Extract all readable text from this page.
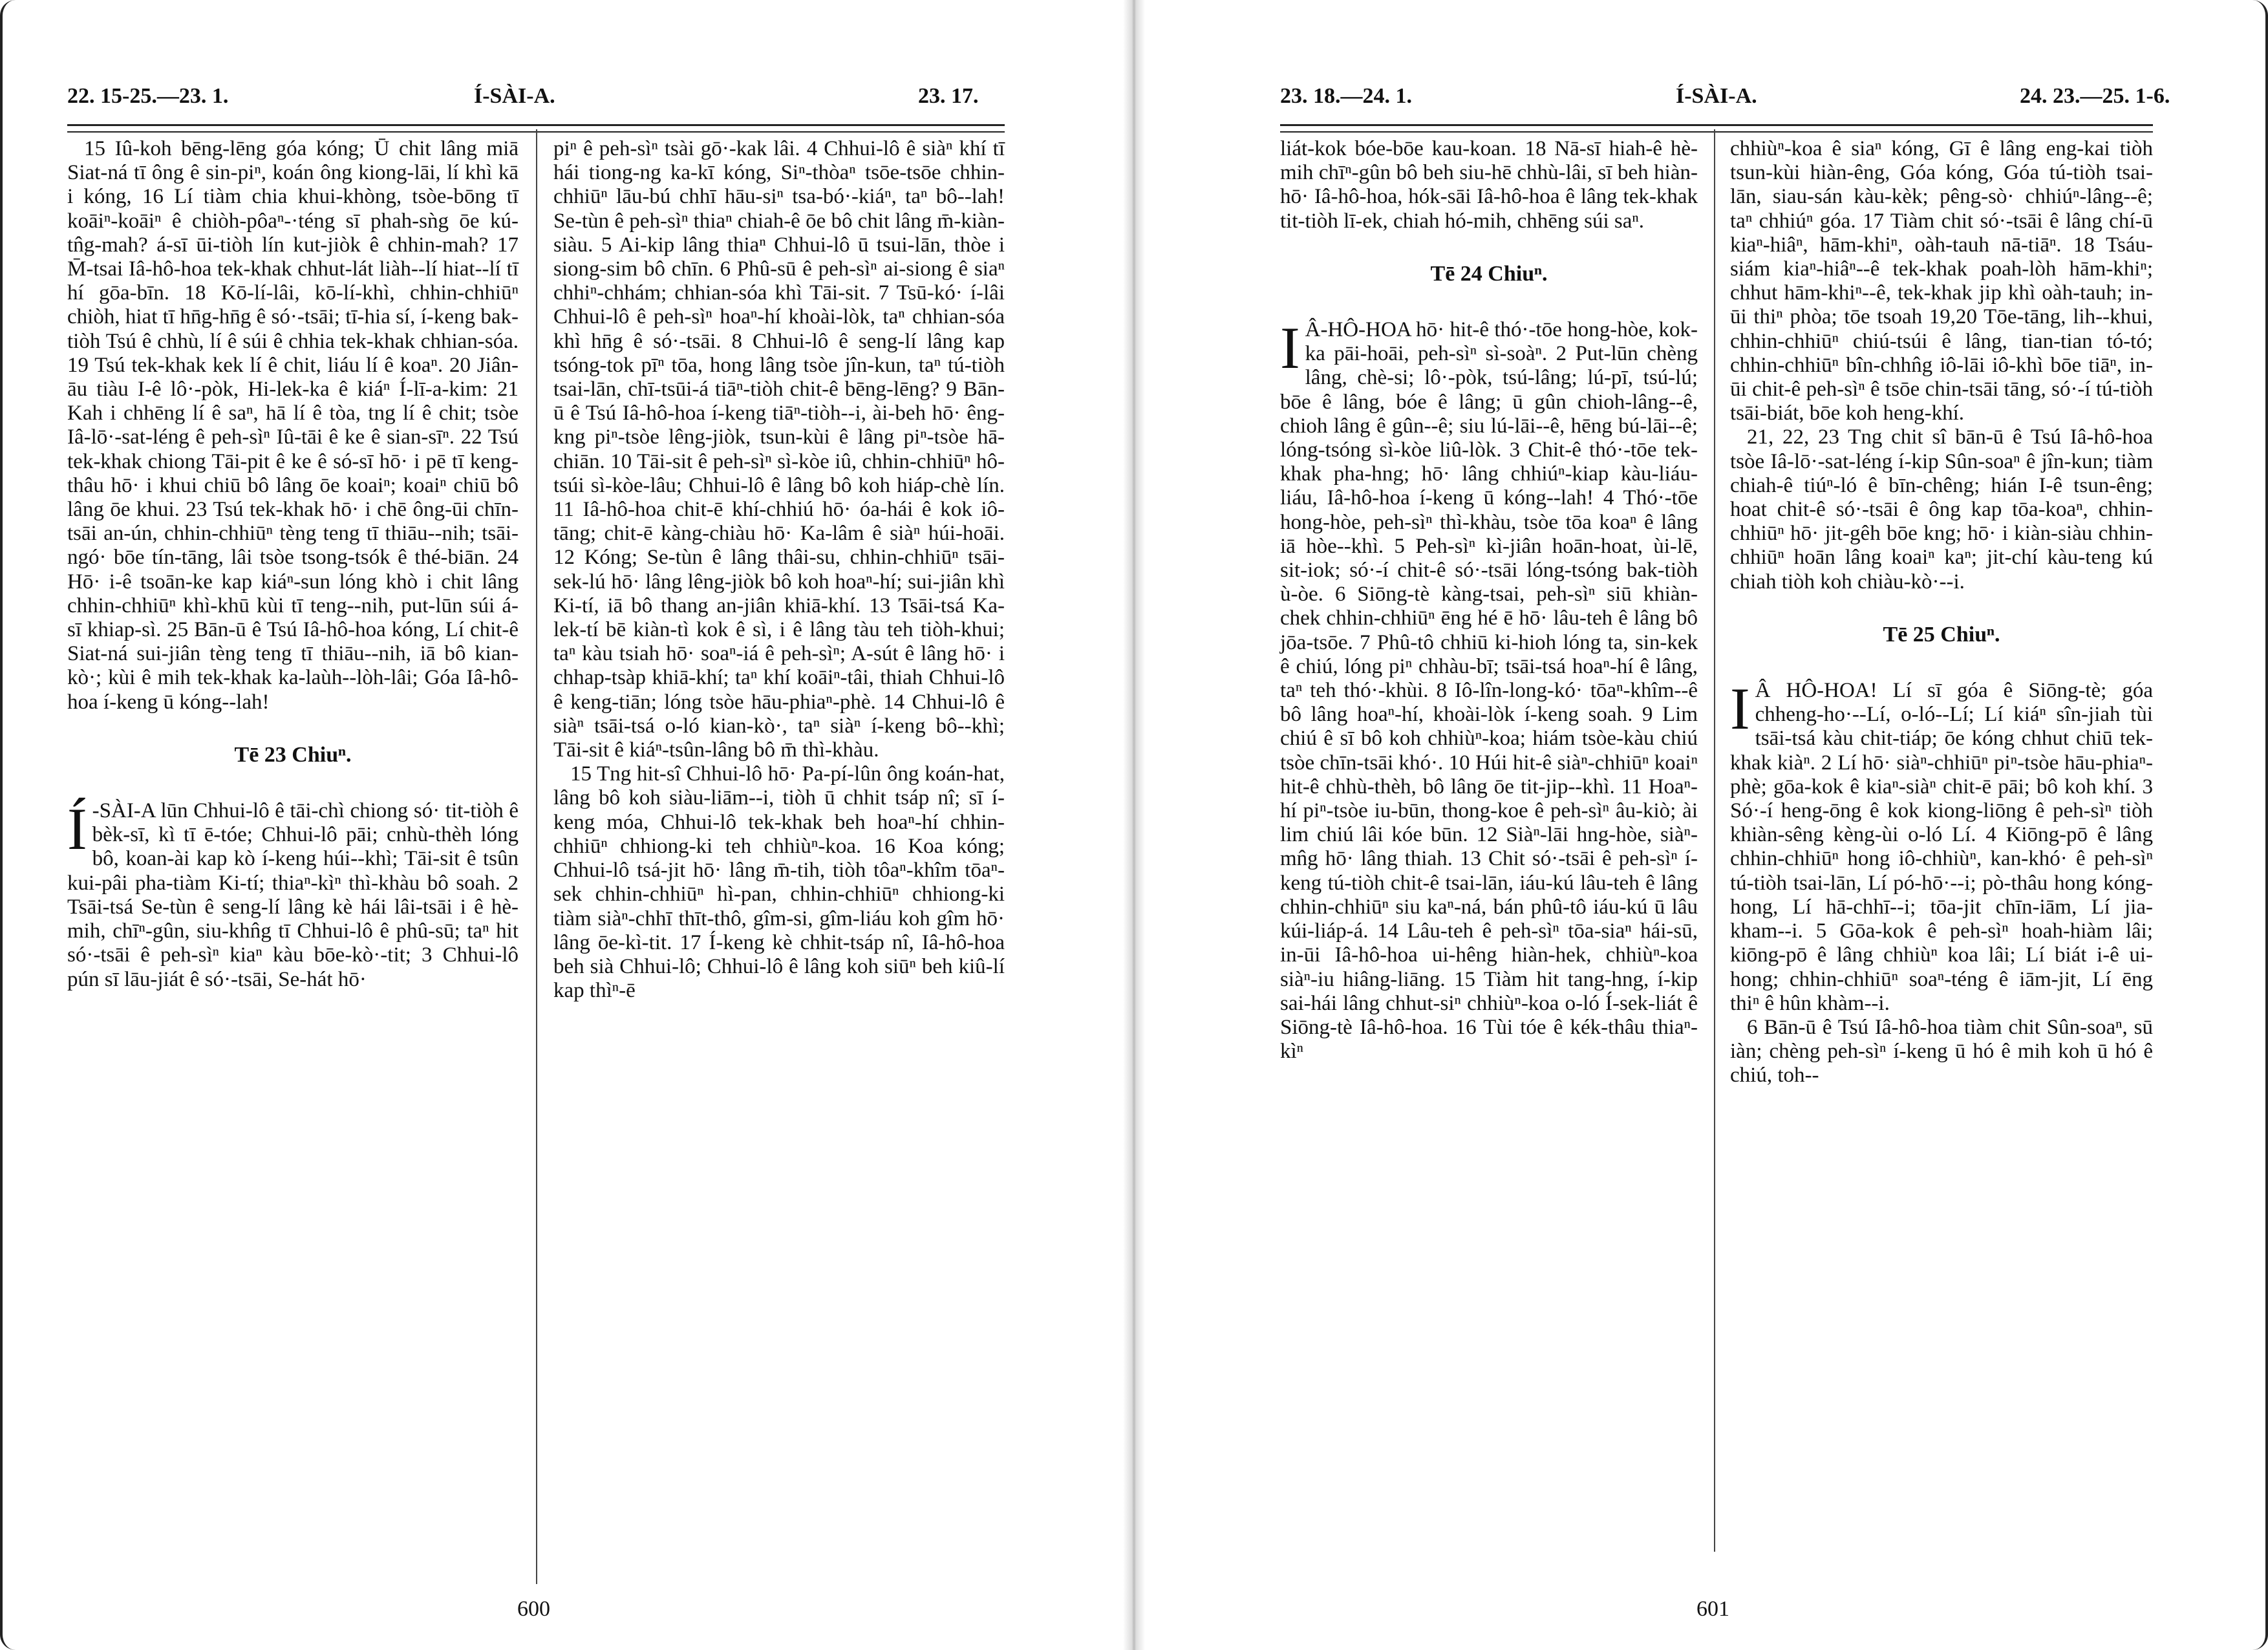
22. 15-25.—23. 1.	Í-SÀI-A.	23. 17.

15 Iû-koh bēng-lēng góa kóng; Ū chit lâng miā Siat-ná tī ông ê sin-piⁿ, koán ông kiong-lāi, lí khì kā i kóng, 16 Lí tiàm chia khui-khòng, tsòe-bōng tī koāiⁿ-koāiⁿ ê chiòh-pôaⁿ-·téng sī phah-sǹg ōe kú-tn̂g-mah? á-sī ūi-tiòh lín kut-jiòk ê chhin-mah? 17 M̄-tsai Iâ-hô-hoa tek-khak chhut-lát liàh--lí hiat--lí tī hí gōa-bīn. 18 Kō-lí-lâi, kō-lí-khì, chhin-chhiūⁿ chiòh, hiat tī hn̄g-hn̄g ê só·-tsāi; tī-hia sí, í-keng bak-tiòh Tsú ê chhù, lí ê súi ê chhia tek-khak chhian-sóa. 19 Tsú tek-khak kek lí ê chit, liáu lí ê koaⁿ. 20 Jiân-āu tiàu I-ê lô·-pòk, Hi-lek-ka ê kiáⁿ Í-lī-a-kim: 21 Kah i chhēng lí ê saⁿ, hā lí ê tòa, tng lí ê chit; tsòe Iâ-lō·-sat-léng ê peh-sìⁿ Iû-tāi ê ke ê sian-sīⁿ. 22 Tsú tek-khak chiong Tāi-pit ê ke ê só-sī hō· i pē tī keng-thâu hō· i khui chiū bô lâng ōe koaiⁿ; koaiⁿ chiū bô lâng ōe khui. 23 Tsú tek-khak hō· i chē ông-ūi chīn-tsāi an-ún, chhin-chhiūⁿ tèng teng tī thiāu--nih; tsāi-ngó· bōe tín-tāng, lâi tsòe tsong-tsók ê thé-biān. 24 Hō· i-ê tsoān-ke kap kiáⁿ-sun lóng khò i chit lâng chhin-chhiūⁿ khì-khū kùi tī teng--nih, put-lūn súi á-sī khiap-sì. 25 Bān-ū ê Tsú Iâ-hô-hoa kóng, Lí chit-ê Siat-ná sui-jiân tèng teng tī thiāu--nih, iā bô kian-kò·; kùi ê mih tek-khak ka-laùh--lòh-lâi; Góa Iâ-hô-hoa í-keng ū kóng--lah!

Tē 23 Chiuⁿ.

Í -SÀI-A lūn Chhui-lô ê tāi-chì chiong só· tit-tiòh ê bèk-sī, kì tī ē-tóe; Chhui-lô pāi; cnhù-thèh lóng bô, koan-ài kap kò í-keng húi--khì; Tāi-sit ê tsûn kui-pâi pha-tiàm Ki-tí; thiaⁿ-kìⁿ thì-khàu bô soah. 2 Tsāi-tsá Se-tùn ê seng-lí lâng kè hái lâi-tsāi i ê hè-mih, chīⁿ-gûn, siu-khn̂g tī Chhui-lô ê phû-sū; taⁿ hit só·-tsāi ê peh-sìⁿ kiaⁿ kàu bōe-kò·-tit; 3 Chhui-lô pún sī lāu-jiát ê só·-tsāi, Se-hát hō·

piⁿ ê peh-sìⁿ tsài gō·-kak lâi. 4 Chhui-lô ê siàⁿ khí tī hái tiong-ng ka-kī kóng, Siⁿ-thòaⁿ tsōe-tsōe chhin-chhiūⁿ lāu-bú chhī hāu-siⁿ tsa-bó·-kiáⁿ, taⁿ bô--lah! Se-tùn ê peh-sìⁿ thiaⁿ chiah-ê ōe bô chit lâng m̄-kiàn-siàu. 5 Ai-kip lâng thiaⁿ Chhui-lô ū tsui-lān, thòe i siong-sim bô chīn. 6 Phû-sū ê peh-sìⁿ ai-siong ê siaⁿ chhiⁿ-chhám; chhian-sóa khì Tāi-sit. 7 Tsū-kó· í-lâi Chhui-lô ê peh-sìⁿ hoaⁿ-hí khoài-lòk, taⁿ chhian-sóa khì hn̄g ê só·-tsāi. 8 Chhui-lô ê seng-lí lâng kap tsóng-tok pīⁿ tōa, hong lâng tsòe jîn-kun, taⁿ tú-tiòh tsai-lān, chī-tsūi-á tiāⁿ-tiòh chit-ê bēng-lēng? 9 Bān-ū ê Tsú Iâ-hô-hoa í-keng tiāⁿ-tiòh--i, ài-beh hō· êng-kng piⁿ-tsòe lêng-jiòk, tsun-kùi ê lâng piⁿ-tsòe hā-chiān. 10 Tāi-sit ê peh-sìⁿ sì-kòe iû, chhin-chhiūⁿ hô-tsúi sì-kòe-lâu; Chhui-lô ê lâng bô koh hiáp-chè lín. 11 Iâ-hô-hoa chit-ē khí-chhiú hō· óa-hái ê kok iô-tāng; chit-ē kàng-chiàu hō· Ka-lâm ê siàⁿ húi-hoāi. 12 Kóng; Se-tùn ê lâng thâi-su, chhin-chhiūⁿ tsāi-sek-lú hō· lâng lêng-jiòk bô koh hoaⁿ-hí; sui-jiân khì Ki-tí, iā bô thang an-jiân khiā-khí. 13 Tsāi-tsá Ka-lek-tí bē kiàn-tì kok ê sì, i ê lâng tàu teh tiòh-khui; taⁿ kàu tsiah hō· soaⁿ-iá ê peh-sìⁿ; A-sút ê lâng hō· i chhap-tsàp khiā-khí; taⁿ khí koāiⁿ-tâi, thiah Chhui-lô ê keng-tiān; lóng tsòe hāu-phiaⁿ-phè. 14 Chhui-lô ê siàⁿ tsāi-tsá o-ló kian-kò·, taⁿ siàⁿ í-keng bô--khì; Tāi-sit ê kiáⁿ-tsûn-lâng bô m̄ thì-khàu.

15 Tng hit-sî Chhui-lô hō· Pa-pí-lûn ông koán-hat, lâng bô koh siàu-liām--i, tiòh ū chhit tsáp nî; sī í-keng móa, Chhui-lô tek-khak beh hoaⁿ-hí chhin-chhiūⁿ chhiong-ki teh chhiùⁿ-koa. 16 Koa kóng; Chhui-lô tsá-jit hō· lâng m̄-tih, tiòh tôaⁿ-khîm tōaⁿ-sek chhin-chhiūⁿ hì-pan, chhin-chhiūⁿ chhiong-ki tiàm siàⁿ-chhī thīt-thô, gîm-si, gîm-liáu koh gîm hō· lâng ōe-kì-tit. 17 Í-keng kè chhit-tsáp nî, Iâ-hô-hoa beh sià Chhui-lô; Chhui-lô ê lâng koh siūⁿ beh kiû-lí kap thìⁿ-ē

600
23. 18.—24. 1.	Í-SÀI-A.	24. 23.—25. 1-6.

liát-kok bóe-bōe kau-koan. 18 Nā-sī hiah-ê hè-mih chīⁿ-gûn bô beh siu-hē chhù-lâi, sī beh hiàn-hō· Iâ-hô-hoa, hók-sāi Iâ-hô-hoa ê lâng tek-khak tit-tiòh lī-ek, chiah hó-mih, chhēng súi saⁿ.

Tē 24 Chiuⁿ.

I Â-HÔ-HOA hō· hit-ê thó·-tōe hong-hòe, kok-ka pāi-hoāi, peh-sìⁿ sì-soàⁿ. 2 Put-lūn chèng lâng, chè-si; lô·-pòk, tsú-lâng; lú-pī, tsú-lú; bōe ê lâng, bóe ê lâng; ū gûn chioh-lâng--ê, chioh lâng ê gûn--ê; siu lú-lāi--ê, hēng bú-lāi--ê; lóng-tsóng sì-kòe liû-lòk. 3 Chit-ê thó·-tōe tek-khak pha-hng; hō· lâng chhiúⁿ-kiap kàu-liáu-liáu, Iâ-hô-hoa í-keng ū kóng--lah! 4 Thó·-tōe hong-hòe, peh-sìⁿ thì-khàu, tsòe tōa koaⁿ ê lâng iā hòe--khì. 5 Peh-sìⁿ kì-jiân hoān-hoat, ùi-lē, sit-iok; só·-í chit-ê só·-tsāi lóng-tsóng bak-tiòh ù-òe. 6 Siōng-tè kàng-tsai, peh-sìⁿ siū khiàn-chek chhin-chhiūⁿ ēng hé ē hō· lâu-teh ê lâng bô jōa-tsōe. 7 Phû-tô chhiū ki-hioh lóng ta, sin-kek ê chiú, lóng piⁿ chhàu-bī; tsāi-tsá hoaⁿ-hí ê lâng, taⁿ teh thó·-khùi. 8 Iô-lîn-long-kó· tōaⁿ-khîm--ê bô lâng hoaⁿ-hí, khoài-lòk í-keng soah. 9 Lim chiú ê sī bô koh chhiùⁿ-koa; hiám tsòe-kàu chiú tsòe chīn-tsāi khó·. 10 Húi hit-ê siàⁿ-chhiūⁿ koaiⁿ hit-ê chhù-thèh, bô lâng ōe tit-jip--khì. 11 Hoaⁿ-hí piⁿ-tsòe iu-būn, thong-koe ê peh-sìⁿ âu-kiò; ài lim chiú lâi kóe būn. 12 Siàⁿ-lāi hng-hòe, siàⁿ-mn̂g hō· lâng thiah. 13 Chit só·-tsāi ê peh-sìⁿ í-keng tú-tiòh chit-ê tsai-lān, iáu-kú lâu-teh ê lâng chhin-chhiūⁿ siu kaⁿ-ná, bán phû-tô iáu-kú ū lâu kúi-liáp-á. 14 Lâu-teh ê peh-sìⁿ tōa-siaⁿ hái-sū, in-ūi Iâ-hô-hoa ui-hêng hiàn-hek, chhiùⁿ-koa siàⁿ-iu hiâng-liāng. 15 Tiàm hit tang-hng, í-kip sai-hái lâng chhut-siⁿ chhiùⁿ-koa o-ló Í-sek-liát ê Siōng-tè Iâ-hô-hoa. 16 Tùi tóe ê kék-thâu thiaⁿ-kìⁿ

chhiùⁿ-koa ê siaⁿ kóng, Gī ê lâng eng-kai tiòh tsun-kùi hiàn-êng, Góa kóng, Góa tú-tiòh tsai-lān, siau-sán kàu-kèk; pêng-sò· chhiúⁿ-lâng--ê; taⁿ chhiúⁿ góa. 17 Tiàm chit só·-tsāi ê lâng chí-ū kiaⁿ-hiâⁿ, hām-khiⁿ, oàh-tauh nā-tiāⁿ. 18 Tsáu-siám kiaⁿ-hiâⁿ--ê tek-khak poah-lòh hām-khiⁿ; chhut hām-khiⁿ--ê, tek-khak jip khì oàh-tauh; in-ūi thiⁿ phòa; tōe tsoah 19,20 Tōe-tāng, lih--khui, chhin-chhiūⁿ chiú-tsúi ê lâng, tian-tian tó-tó; chhin-chhiūⁿ bîn-chhn̂g iô-lāi iô-khì bōe tiāⁿ, in-ūi chit-ê peh-sìⁿ ê tsōe chin-tsāi tāng, só·-í tú-tiòh tsāi-biát, bōe koh heng-khí.

21, 22, 23 Tng chit sî bān-ū ê Tsú Iâ-hô-hoa tsòe Iâ-lō·-sat-léng í-kip Sûn-soaⁿ ê jîn-kun; tiàm chiah-ê tiúⁿ-ló ê bīn-chêng; hián I-ê tsun-êng; hoat chit-ê só·-tsāi ê ông kap tōa-koaⁿ, chhin-chhiūⁿ hō· jit-gêh bōe kng; hō· i kiàn-siàu chhin-chhiūⁿ hoān lâng koaiⁿ kaⁿ; jit-chí kàu-teng kú chiah tiòh koh chiàu-kò·--i.

Tē 25 Chiuⁿ.

I Â HÔ-HOA! Lí sī góa ê Siōng-tè; góa chheng-ho·--Lí, o-ló--Lí; Lí kiáⁿ sîn-jiah tùi tsāi-tsá kàu chit-tiáp; ōe kóng chhut chiū tek-khak kiàⁿ. 2 Lí hō· siàⁿ-chhiūⁿ piⁿ-tsòe hāu-phiaⁿ-phè; gōa-kok ê kiaⁿ-siàⁿ chit-ē pāi; bô koh khí. 3 Só·-í heng-ōng ê kok kiong-liōng ê peh-sìⁿ tiòh khiàn-sêng kèng-ùi o-ló Lí. 4 Kiōng-pō ê lâng chhin-chhiūⁿ hong iô-chhiùⁿ, kan-khó· ê peh-sìⁿ tú-tiòh tsai-lān, Lí pó-hō·--i; pò-thâu hong kóng-hong, Lí hā-chhī--i; tōa-jit chīn-iām, Lí jia-kham--i. 5 Gōa-kok ê peh-sìⁿ hoah-hiàm lâi; kiōng-pō ê lâng chhiùⁿ koa lâi; Lí biát i-ê ui-hong; chhin-chhiūⁿ soaⁿ-téng ê iām-jit, Lí ēng thiⁿ ê hûn khàm--i.

6 Bān-ū ê Tsú Iâ-hô-hoa tiàm chit Sûn-soaⁿ, sū iàn; chèng peh-sìⁿ í-keng ū hó ê mih koh ū hó ê chiú, toh--

601
